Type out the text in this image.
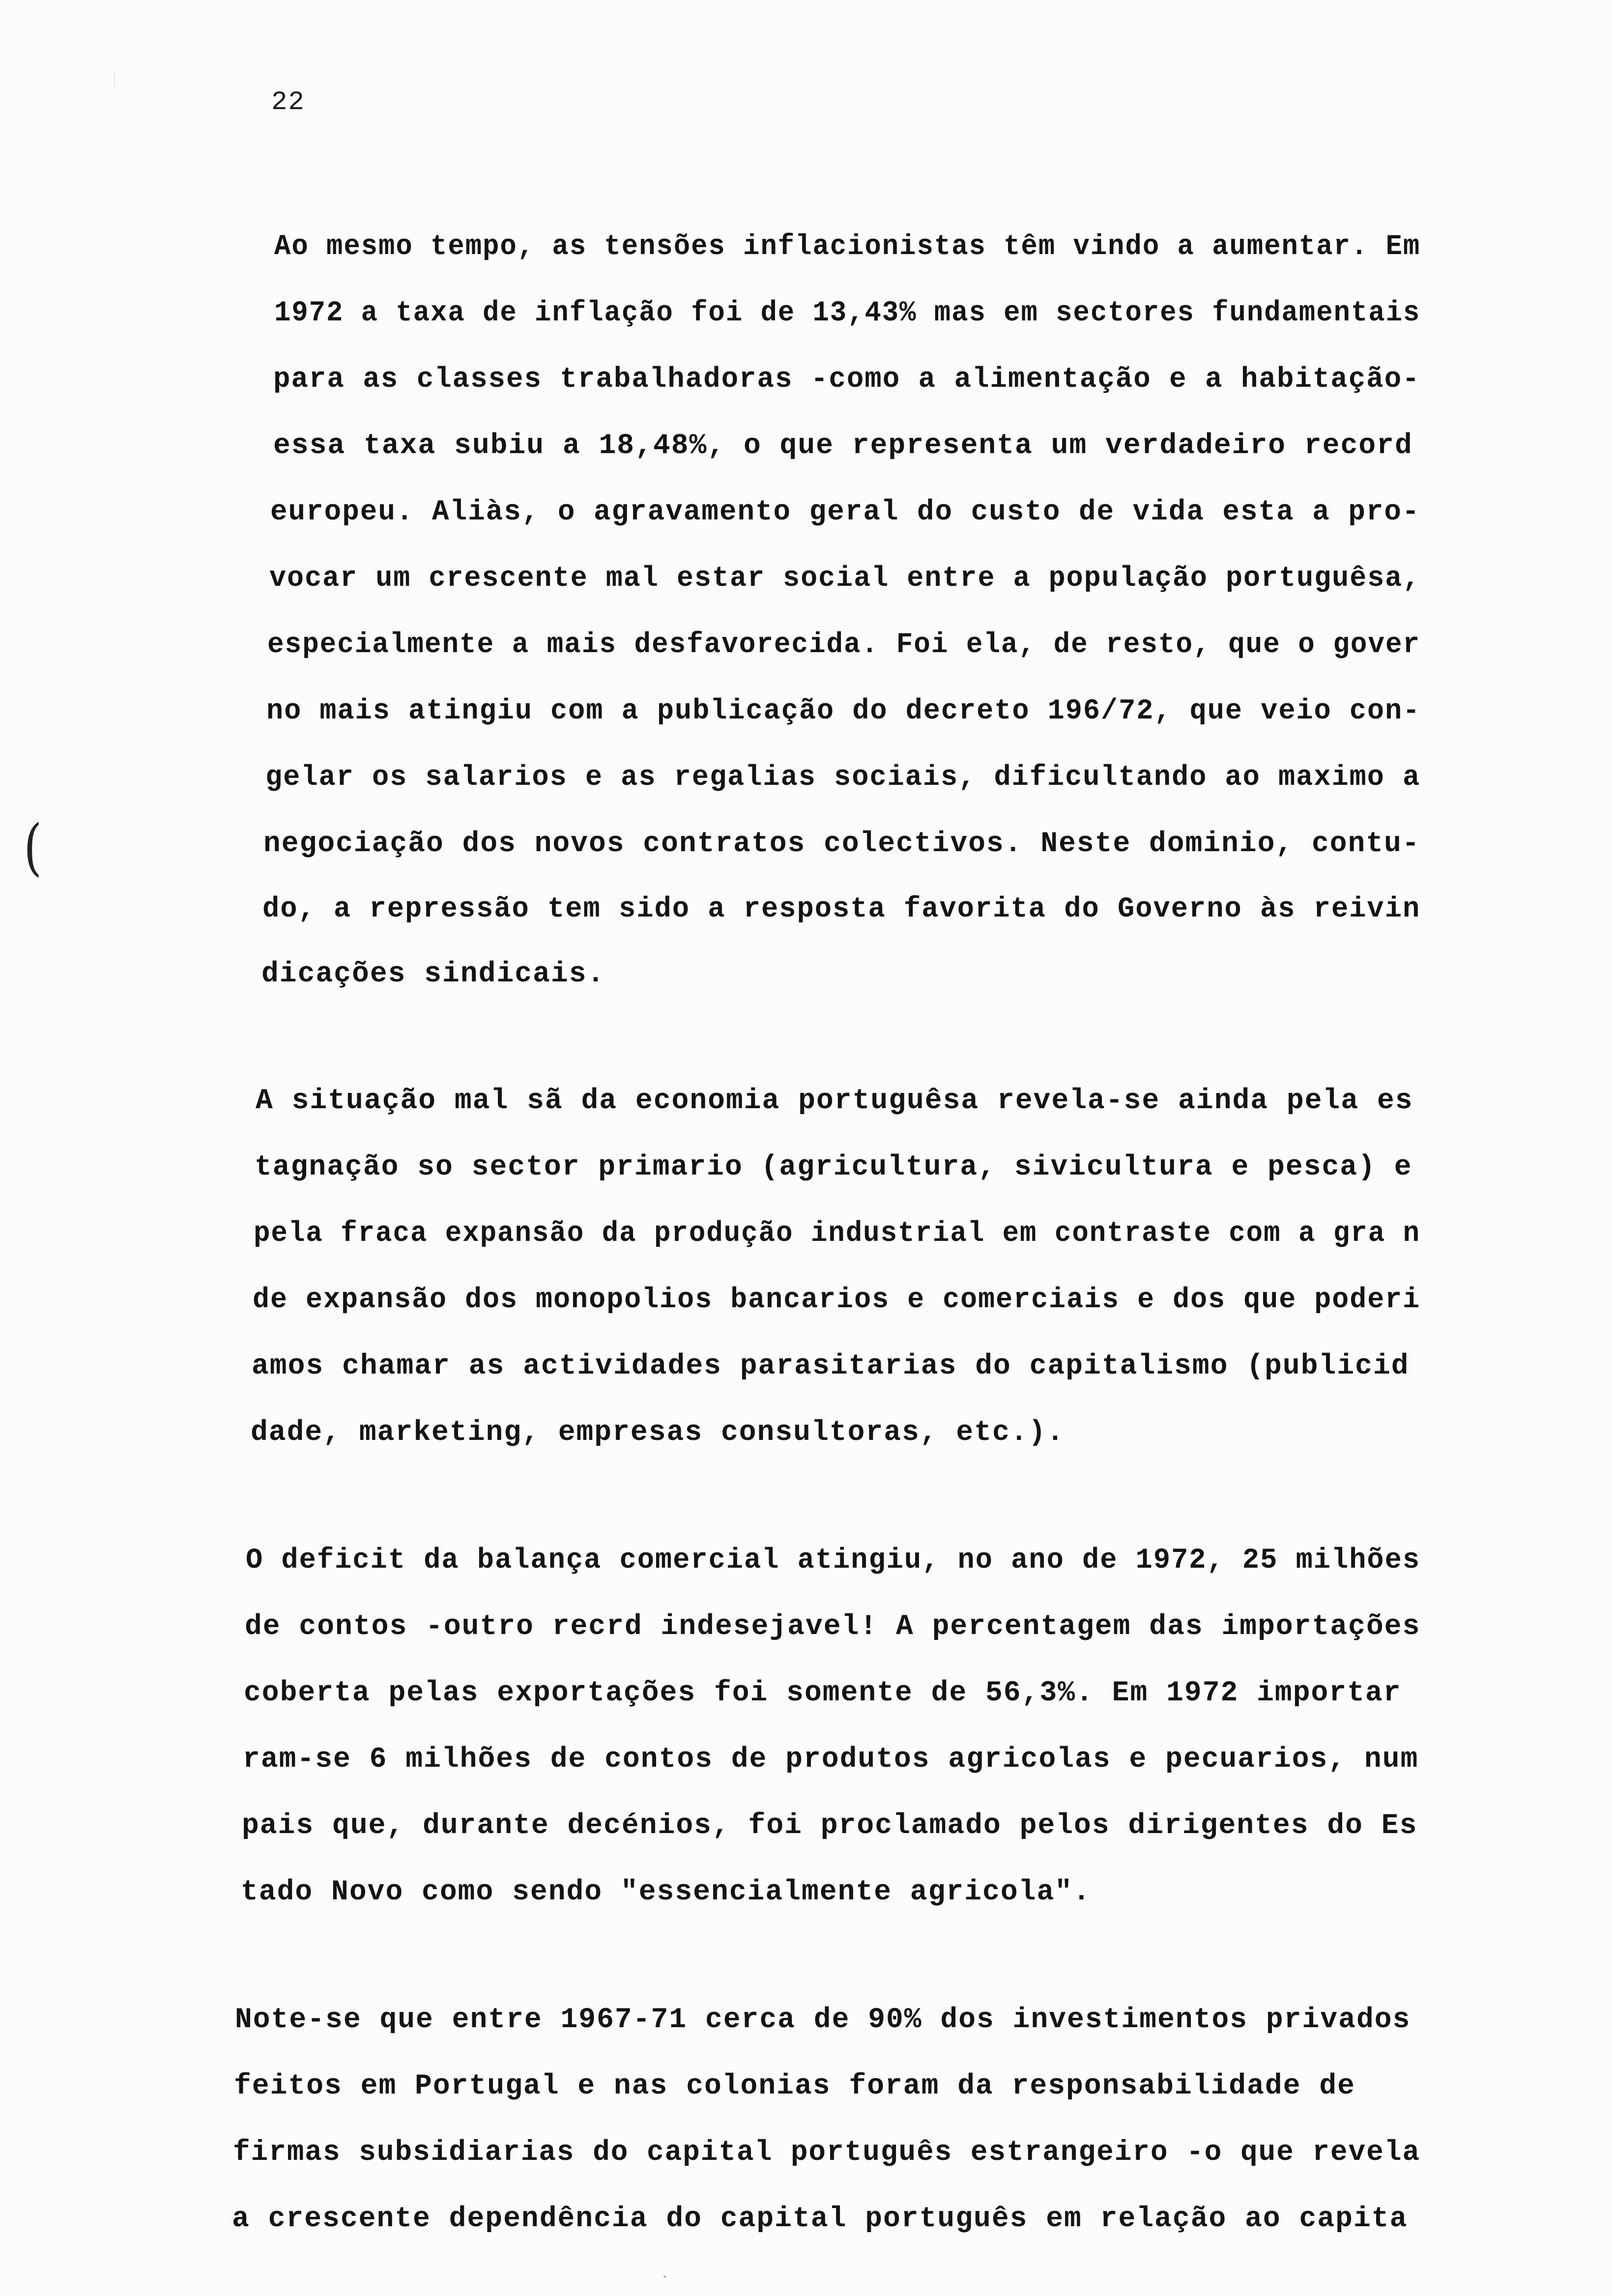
22
(
Ao mesmo tempo, as tensões inflacionistas têm vindo a aumentar. Em
1972 a taxa de inflação foi de 13,43% mas em sectores fundamentais
para as classes trabalhadoras -como a alimentação e a habitação-
essa taxa subiu a 18,48%, o que representa um verdadeiro record
europeu. Aliàs, o agravamento geral do custo de vida esta a pro-
vocar um crescente mal estar social entre a população portuguêsa,
especialmente a mais desfavorecida. Foi ela, de resto, que o gover
no mais atingiu com a publicação do decreto 196/72, que veio con-
gelar os salarios e as regalias sociais, dificultando ao maximo a
negociação dos novos contratos colectivos. Neste dominio, contu-
do, a repressão tem sido a resposta favorita do Governo às reivin
dicações sindicais.
A situação mal sã da economia portuguêsa revela-se ainda pela es
tagnação so sector primario (agricultura, sivicultura e pesca) e
pela fraca expansão da produção industrial em contraste com a gra n
de expansão dos monopolios bancarios e comerciais e dos que poderi
amos chamar as actividades parasitarias do capitalismo (publicid
dade, marketing, empresas consultoras, etc.).
O deficit da balança comercial atingiu, no ano de 1972, 25 milhões
de contos -outro recrd indesejavel! A percentagem das importações
coberta pelas exportações foi somente de 56,3%. Em 1972 importar
ram-se 6 milhões de contos de produtos agricolas e pecuarios, num
pais que, durante decénios, foi proclamado pelos dirigentes do Es
tado Novo como sendo "essencialmente agricola".
Note-se que entre 1967-71 cerca de 90% dos investimentos privados
feitos em Portugal e nas colonias foram da responsabilidade de
firmas subsidiarias do capital português estrangeiro -o que revela
a crescente dependência do capital português em relação ao capita
